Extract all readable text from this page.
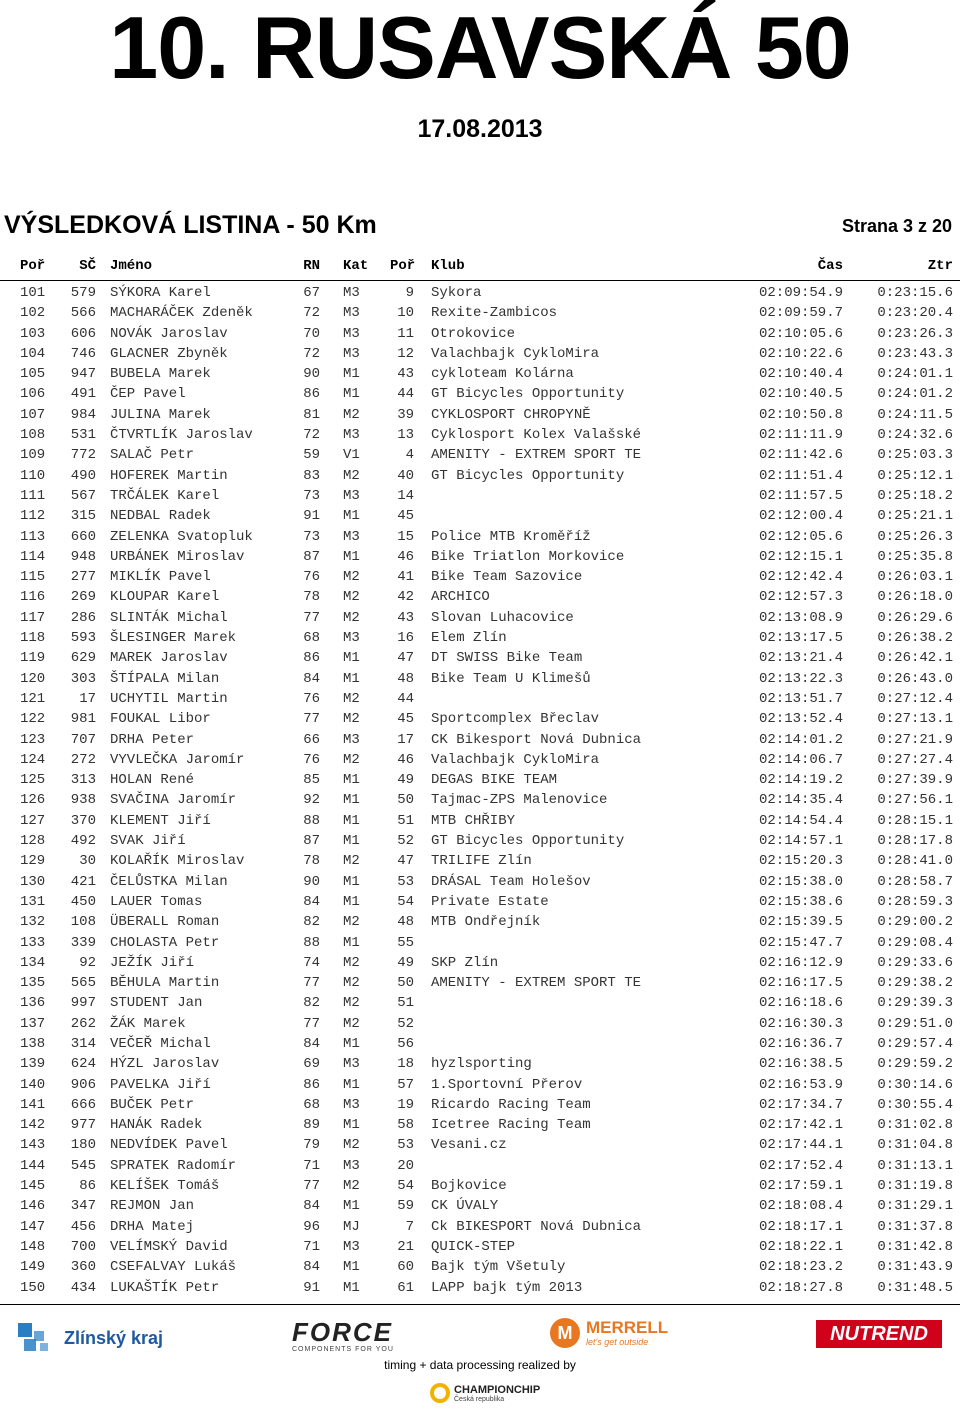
10. RUSAVSKÁ 50
17.08.2013
VÝSLEDKOVÁ LISTINA - 50 Km	Strana 3 z 20
Poř	SČ Jméno	RN Kat Poř Klub	Čas	Ztr
101	579 SÝKORA Karel	67 M3	9 Sykora	02:09:54.9	0:23:15.6
102	566 MACHARÁČEK Zdeněk	72 M3	10 Rexite-Zambicos	02:09:59.7	0:23:20.4
103	606 NOVÁK Jaroslav	70 M3	11 Otrokovice	02:10:05.6	0:23:26.3
104	746 GLACNER Zbyněk	72 M3	12 Valachbajk CykloMira	02:10:22.6	0:23:43.3
105	947 BUBELA Marek	90 M1	43 cykloteam Kolárna	02:10:40.4	0:24:01.1
106	491 ČEP Pavel	86 M1	44 GT Bicycles Opportunity	02:10:40.5	0:24:01.2
107	984 JULINA Marek	81 M2	39 CYKLOSPORT CHROPYNĚ	02:10:50.8	0:24:11.5
108	531 ČTVRTLÍK Jaroslav	72 M3	13 Cyklosport Kolex Valašské	02:11:11.9	0:24:32.6
109	772 SALAČ Petr	59 V1	4 AMENITY - EXTREM SPORT TE	02:11:42.6	0:25:03.3
110	490 HOFEREK Martin	83 M2	40 GT Bicycles Opportunity	02:11:51.4	0:25:12.1
111	567 TRČÁLEK Karel	73 M3	14	02:11:57.5	0:25:18.2
112	315 NEDBAL Radek	91 M1	45	02:12:00.4	0:25:21.1
113	660 ZELENKA Svatopluk	73 M3	15 Police MTB Kroměříž	02:12:05.6	0:25:26.3
114	948 URBÁNEK Miroslav	87 M1	46 Bike Triatlon Morkovice	02:12:15.1	0:25:35.8
115	277 MIKLÍK Pavel	76 M2	41 Bike Team Sazovice	02:12:42.4	0:26:03.1
116	269 KLOUPAR Karel	78 M2	42 ARCHICO	02:12:57.3	0:26:18.0
117	286 SLINTÁK Michal	77 M2	43 Slovan Luhacovice	02:13:08.9	0:26:29.6
118	593 ŠLESINGER Marek	68 M3	16 Elem Zlín	02:13:17.5	0:26:38.2
119	629 MAREK Jaroslav	86 M1	47 DT SWISS Bike Team	02:13:21.4	0:26:42.1
120	303 ŠTÍPALA Milan	84 M1	48 Bike Team U Klimešů	02:13:22.3	0:26:43.0
121	17 UCHYTIL Martin	76 M2	44	02:13:51.7	0:27:12.4
122	981 FOUKAL Libor	77 M2	45 Sportcomplex Břeclav	02:13:52.4	0:27:13.1
123	707 DRHA Peter	66 M3	17 CK Bikesport Nová Dubnica	02:14:01.2	0:27:21.9
124	272 VYVLEČKA Jaromír	76 M2	46 Valachbajk CykloMira	02:14:06.7	0:27:27.4
125	313 HOLAN René	85 M1	49 DEGAS BIKE TEAM	02:14:19.2	0:27:39.9
126	938 SVAČINA Jaromír	92 M1	50 Tajmac-ZPS Malenovice	02:14:35.4	0:27:56.1
127	370 KLEMENT Jiří	88 M1	51 MTB CHŘIBY	02:14:54.4	0:28:15.1
128	492 SVAK Jiří	87 M1	52 GT Bicycles Opportunity	02:14:57.1	0:28:17.8
129	30 KOLAŘÍK Miroslav	78 M2	47 TRILIFE Zlín	02:15:20.3	0:28:41.0
130	421 ČELŮSTKA Milan	90 M1	53 DRÁSAL Team Holešov	02:15:38.0	0:28:58.7
131	450 LAUER Tomas	84 M1	54 Private Estate	02:15:38.6	0:28:59.3
132	108 ÜBERALL Roman	82 M2	48 MTB Ondřejník	02:15:39.5	0:29:00.2
133	339 CHOLASTA Petr	88 M1	55	02:15:47.7	0:29:08.4
134	92 JEŽÍK Jiří	74 M2	49 SKP Zlín	02:16:12.9	0:29:33.6
135	565 BĚHULA Martin	77 M2	50 AMENITY - EXTREM SPORT TE	02:16:17.5	0:29:38.2
136	997 STUDENT Jan	82 M2	51	02:16:18.6	0:29:39.3
137	262 ŽÁK Marek	77 M2	52	02:16:30.3	0:29:51.0
138	314 VEČEŘ Michal	84 M1	56	02:16:36.7	0:29:57.4
139	624 HÝZL Jaroslav	69 M3	18 hyzlsporting	02:16:38.5	0:29:59.2
140	906 PAVELKA Jiří	86 M1	57 1.Sportovní Přerov	02:16:53.9	0:30:14.6
141	666 BUČEK Petr	68 M3	19 Ricardo Racing Team	02:17:34.7	0:30:55.4
142	977 HANÁK Radek	89 M1	58 Icetree Racing Team	02:17:42.1	0:31:02.8
143	180 NEDVÍDEK Pavel	79 M2	53 Vesani.cz	02:17:44.1	0:31:04.8
144	545 SPRATEK Radomír	71 M3	20	02:17:52.4	0:31:13.1
145	86 KELÍŠEK Tomáš	77 M2	54 Bojkovice	02:17:59.1	0:31:19.8
146	347 REJMON Jan	84 M1	59 CK ÚVALY	02:18:08.4	0:31:29.1
147	456 DRHA Matej	96 MJ	7 Ck BIKESPORT Nová Dubnica	02:18:17.1	0:31:37.8
148	700 VELÍMSKÝ David	71 M3	21 QUICK-STEP	02:18:22.1	0:31:42.8
149	360 CSEFALVAY Lukáš	84 M1	60 Bajk tým Všetuly	02:18:23.2	0:31:43.9
150	434 LUKAŠTÍK Petr	91 M1	61 LAPP bajk tým 2013	02:18:27.8	0:31:48.5
Zlínský kraj	FORCE
COMPONENTS FOR YOU
M MERRELL
let's get outside	NUTREND
timing + data processing realized by
CHAMPIONCHIP
Česká republika
